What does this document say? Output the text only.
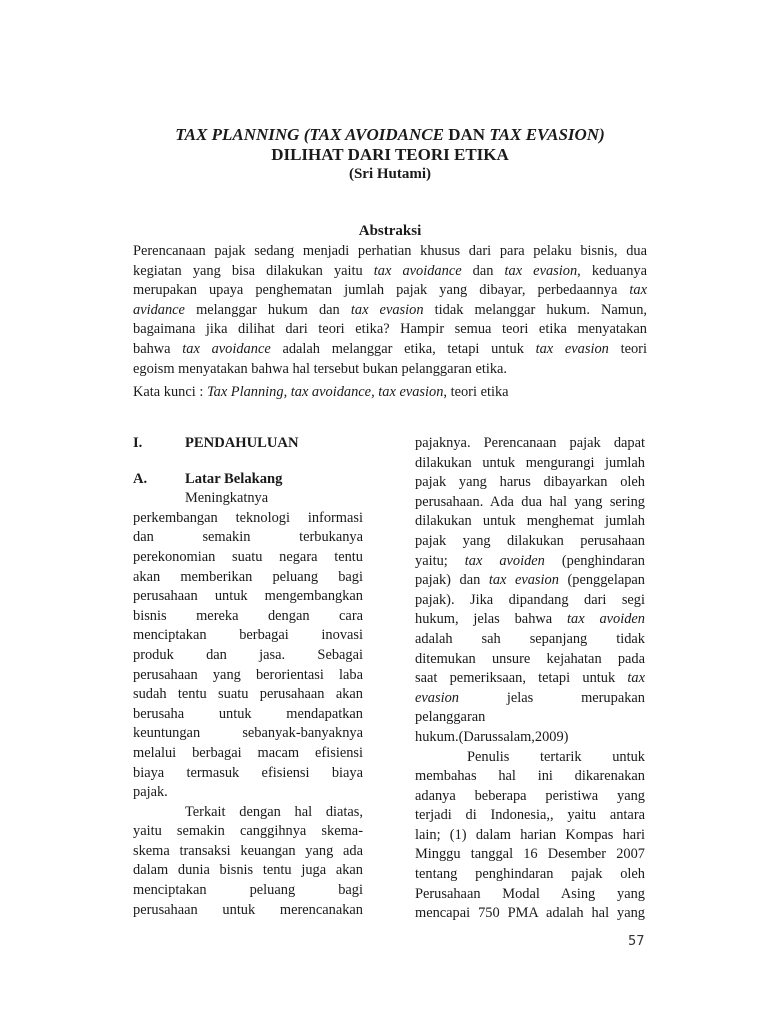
TAX PLANNING (TAX AVOIDANCE DAN TAX EVASION)
DILIHAT DARI TEORI ETIKA
(Sri Hutami)
Abstraksi
Perencanaan pajak sedang menjadi perhatian khusus dari para pelaku bisnis, dua
kegiatan yang bisa dilakukan yaitu tax avoidance dan tax evasion, keduanya
merupakan upaya penghematan jumlah pajak yang dibayar, perbedaannya tax
avidance melanggar hukum dan tax evasion tidak melanggar hukum. Namun,
bagaimana jika dilihat dari teori etika? Hampir semua teori etika menyatakan
bahwa tax avoidance adalah melanggar etika, tetapi untuk tax evasion teori
egoism menyatakan bahwa hal tersebut bukan pelanggaran etika.
Kata kunci : Tax Planning, tax avoidance, tax evasion, teori etika
I.	PENDAHULUAN
A.	Latar Belakang
Meningkatnya
perkembangan teknologi informasi
dan semakin terbukanya
perekonomian suatu negara tentu
akan memberikan peluang bagi
perusahaan untuk mengembangkan
bisnis mereka dengan cara
menciptakan berbagai inovasi
produk dan jasa. Sebagai
perusahaan yang berorientasi laba
sudah tentu suatu perusahaan akan
berusaha untuk mendapatkan
keuntungan sebanyak-banyaknya
melalui berbagai macam efisiensi
biaya termasuk efisiensi biaya
pajak.
Terkait dengan hal diatas,
yaitu semakin canggihnya skema-
skema transaksi keuangan yang ada
dalam dunia bisnis tentu juga akan
menciptakan peluang bagi
perusahaan untuk merencanakan
pajaknya. Perencanaan pajak dapat
dilakukan untuk mengurangi jumlah
pajak yang harus dibayarkan oleh
perusahaan. Ada dua hal yang sering
dilakukan untuk menghemat jumlah
pajak yang dilakukan perusahaan
yaitu; tax avoiden (penghindaran
pajak) dan tax evasion (penggelapan
pajak). Jika dipandang dari segi
hukum, jelas bahwa tax avoiden
adalah sah sepanjang tidak
ditemukan unsure kejahatan pada
saat pemeriksaan, tetapi untuk tax
evasion	jelas	merupakan
pelanggaran
hukum.(Darussalam,2009)
Penulis tertarik untuk
membahas hal ini dikarenakan
adanya beberapa peristiwa yang
terjadi di Indonesia,, yaitu antara
lain; (1) dalam harian Kompas hari
Minggu tanggal 16 Desember 2007
tentang penghindaran pajak oleh
Perusahaan Modal Asing yang
mencapai 750 PMA adalah hal yang
57
